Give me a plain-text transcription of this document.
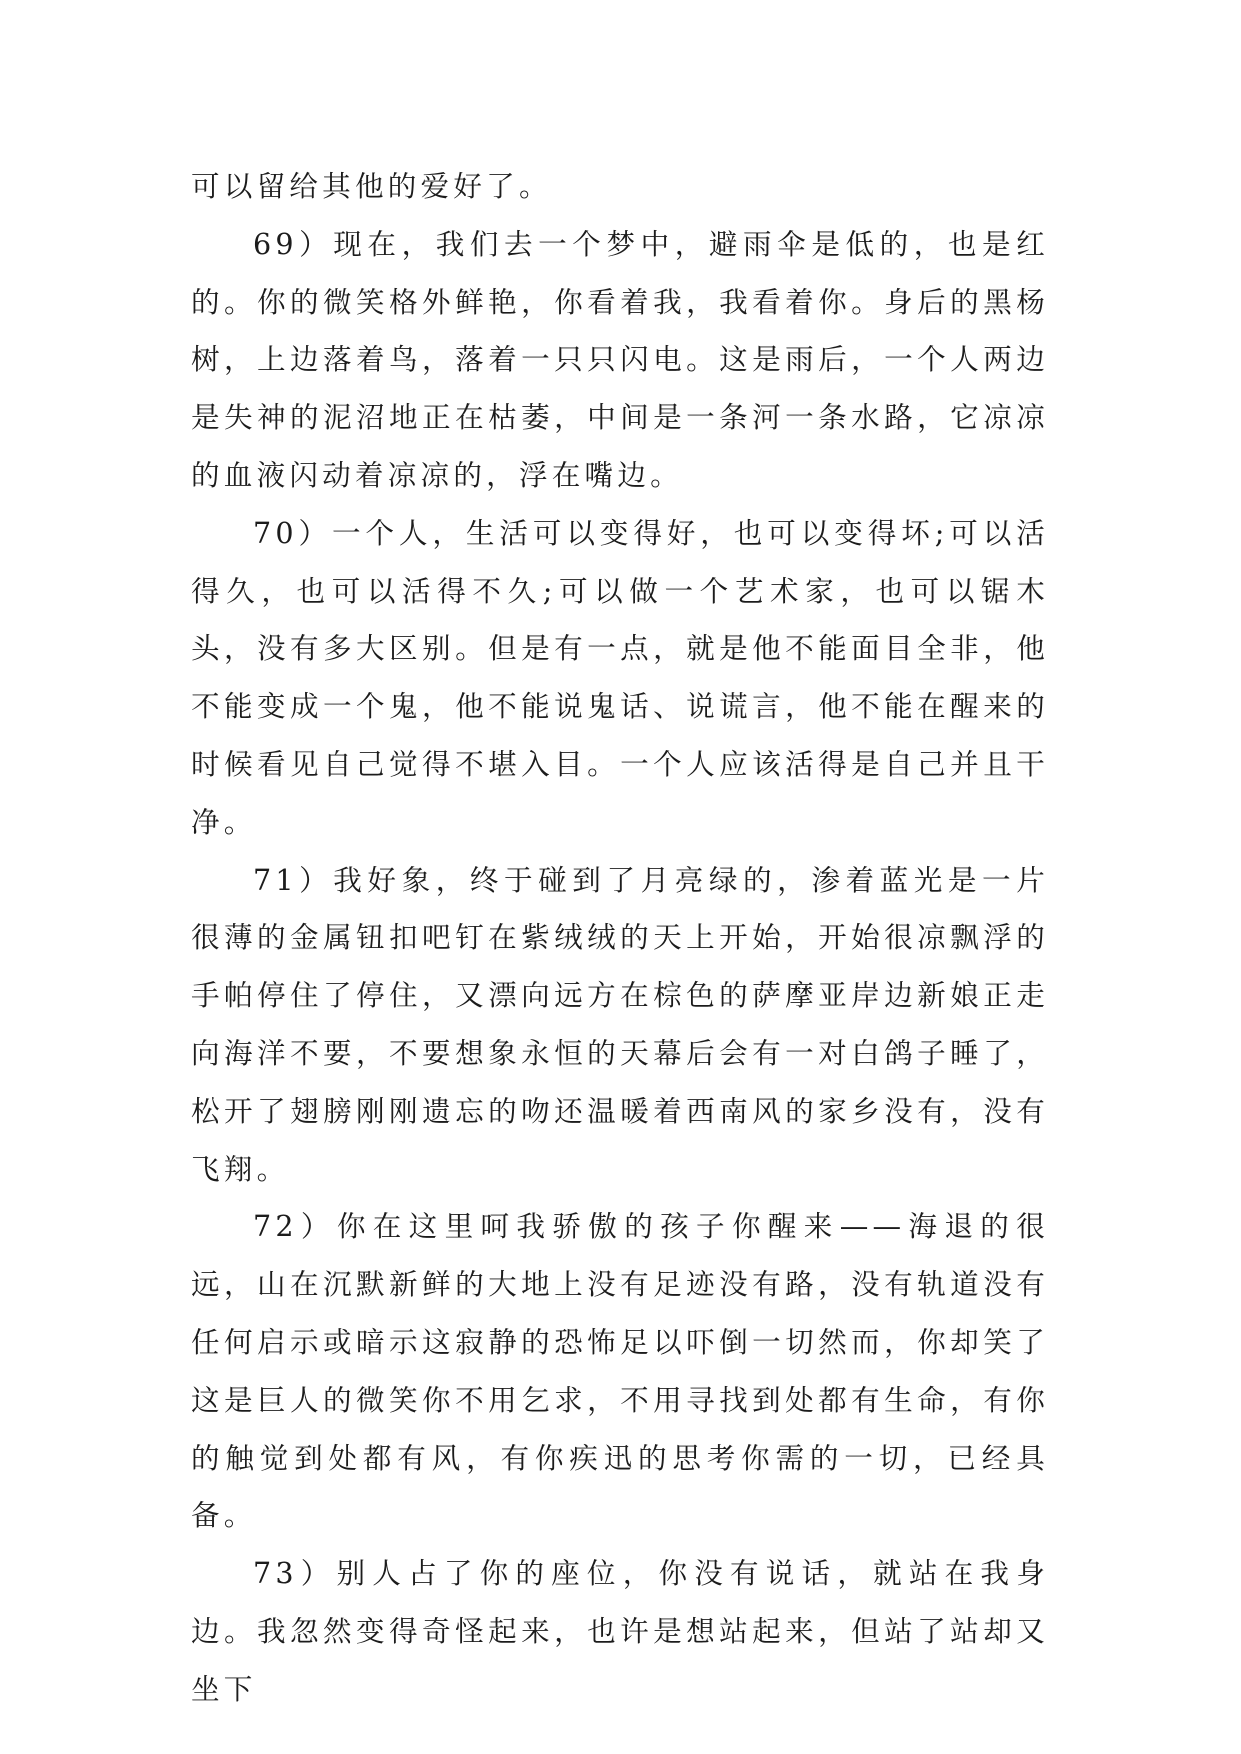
可以留给其他的爱好了。

69）现在，我们去一个梦中，避雨伞是低的，也是红的。你的微笑格外鲜艳，你看着我，我看着你。身后的黑杨树，上边落着鸟，落着一只只闪电。这是雨后，一个人两边是失神的泥沼地正在枯萎，中间是一条河一条水路，它凉凉的血液闪动着凉凉的，浮在嘴边。

70）一个人，生活可以变得好，也可以变得坏;可以活得久，也可以活得不久;可以做一个艺术家，也可以锯木头，没有多大区别。但是有一点，就是他不能面目全非，他不能变成一个鬼，他不能说鬼话、说谎言，他不能在醒来的时候看见自己觉得不堪入目。一个人应该活得是自己并且干净。

71）我好象，终于碰到了月亮绿的，渗着蓝光是一片很薄的金属钮扣吧钉在紫绒绒的天上开始，开始很凉飘浮的手帕停住了停住，又漂向远方在棕色的萨摩亚岸边新娘正走向海洋不要，不要想象永恒的天幕后会有一对白鸽子睡了，松开了翅膀刚刚遗忘的吻还温暖着西南风的家乡没有，没有飞翔。

72）你在这里呵我骄傲的孩子你醒来——海退的很远，山在沉默新鲜的大地上没有足迹没有路，没有轨道没有任何启示或暗示这寂静的恐怖足以吓倒一切然而，你却笑了这是巨人的微笑你不用乞求，不用寻找到处都有生命，有你的触觉到处都有风，有你疾迅的思考你需的一切，已经具备。

73）别人占了你的座位，你没有说话，就站在我身边。我忽然变得奇怪起来，也许是想站起来，但站了站却又坐下
